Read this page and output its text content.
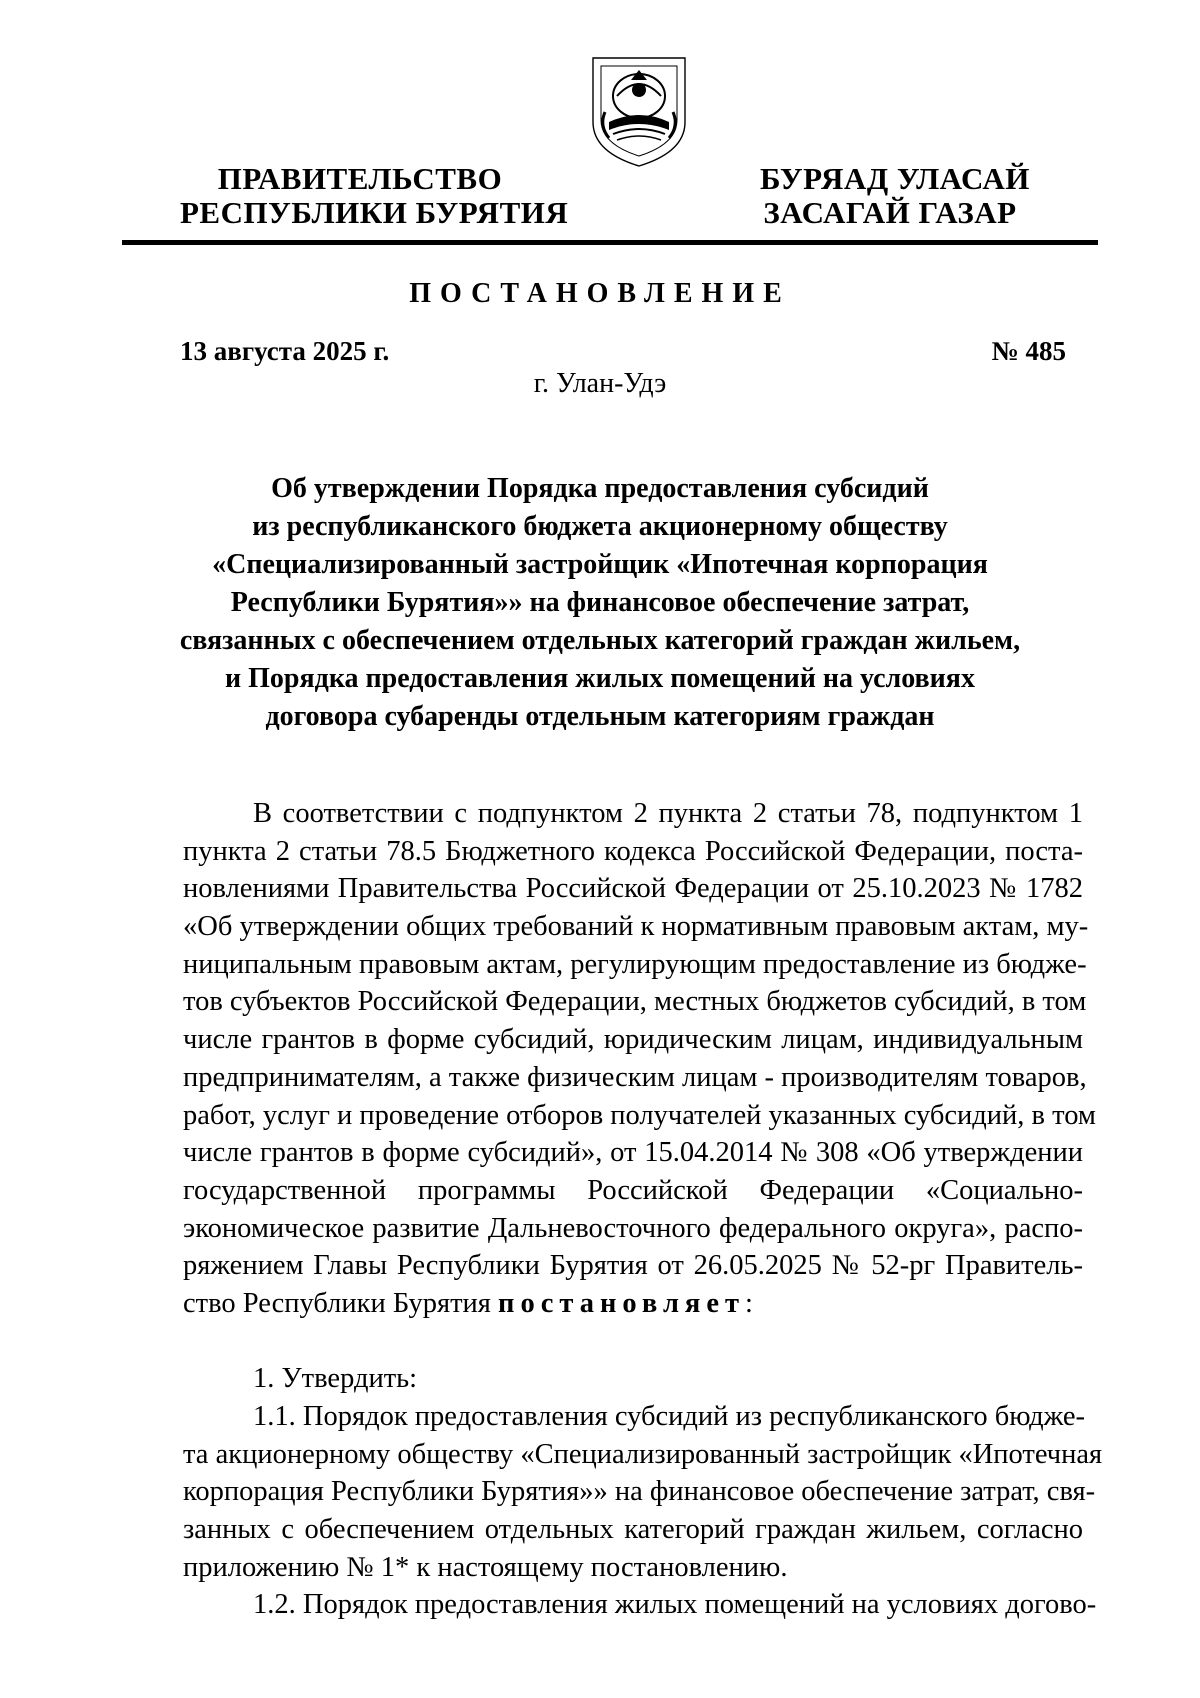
ПРАВИТЕЛЬСТВО
РЕСПУБЛИКИ БУРЯТИЯ
БУРЯАД УЛАСАЙ
ЗАСАГАЙ ГАЗАР
ПОСТАНОВЛЕНИЕ
13 августа 2025 г.	№ 485
г. Улан-Удэ
Об утверждении Порядка предоставления субсидий
из республиканского бюджета акционерному обществу
«Специализированный застройщик «Ипотечная корпорация
Республики Бурятия»» на финансовое обеспечение затрат,
связанных с обеспечением отдельных категорий граждан жильем,
и Порядка предоставления жилых помещений на условиях
договора субаренды отдельным категориям граждан
В соответствии с подпунктом 2 пункта 2 статьи 78, подпунктом 1
пункта 2 статьи 78.5 Бюджетного кодекса Российской Федерации, поста-
новлениями Правительства Российской Федерации от 25.10.2023 № 1782
«Об утверждении общих требований к нормативным правовым актам, му-
ниципальным правовым актам, регулирующим предоставление из бюдже-
тов субъектов Российской Федерации, местных бюджетов субсидий, в том
числе грантов в форме субсидий, юридическим лицам, индивидуальным
предпринимателям, а также физическим лицам - производителям товаров,
работ, услуг и проведение отборов получателей указанных субсидий, в том
числе грантов в форме субсидий», от 15.04.2014 № 308 «Об утверждении
государственной программы Российской Федерации «Социально-
экономическое развитие Дальневосточного федерального округа», распо-
ряжением Главы Республики Бурятия от 26.05.2025 № 52-рг Правитель-
ство Республики Бурятия постановляет:
1. Утвердить:
1.1. Порядок предоставления субсидий из республиканского бюдже-
та акционерному обществу «Специализированный застройщик «Ипотечная
корпорация Республики Бурятия»» на финансовое обеспечение затрат, свя-
занных с обеспечением отдельных категорий граждан жильем, согласно
приложению № 1* к настоящему постановлению.
1.2. Порядок предоставления жилых помещений на условиях догово-
